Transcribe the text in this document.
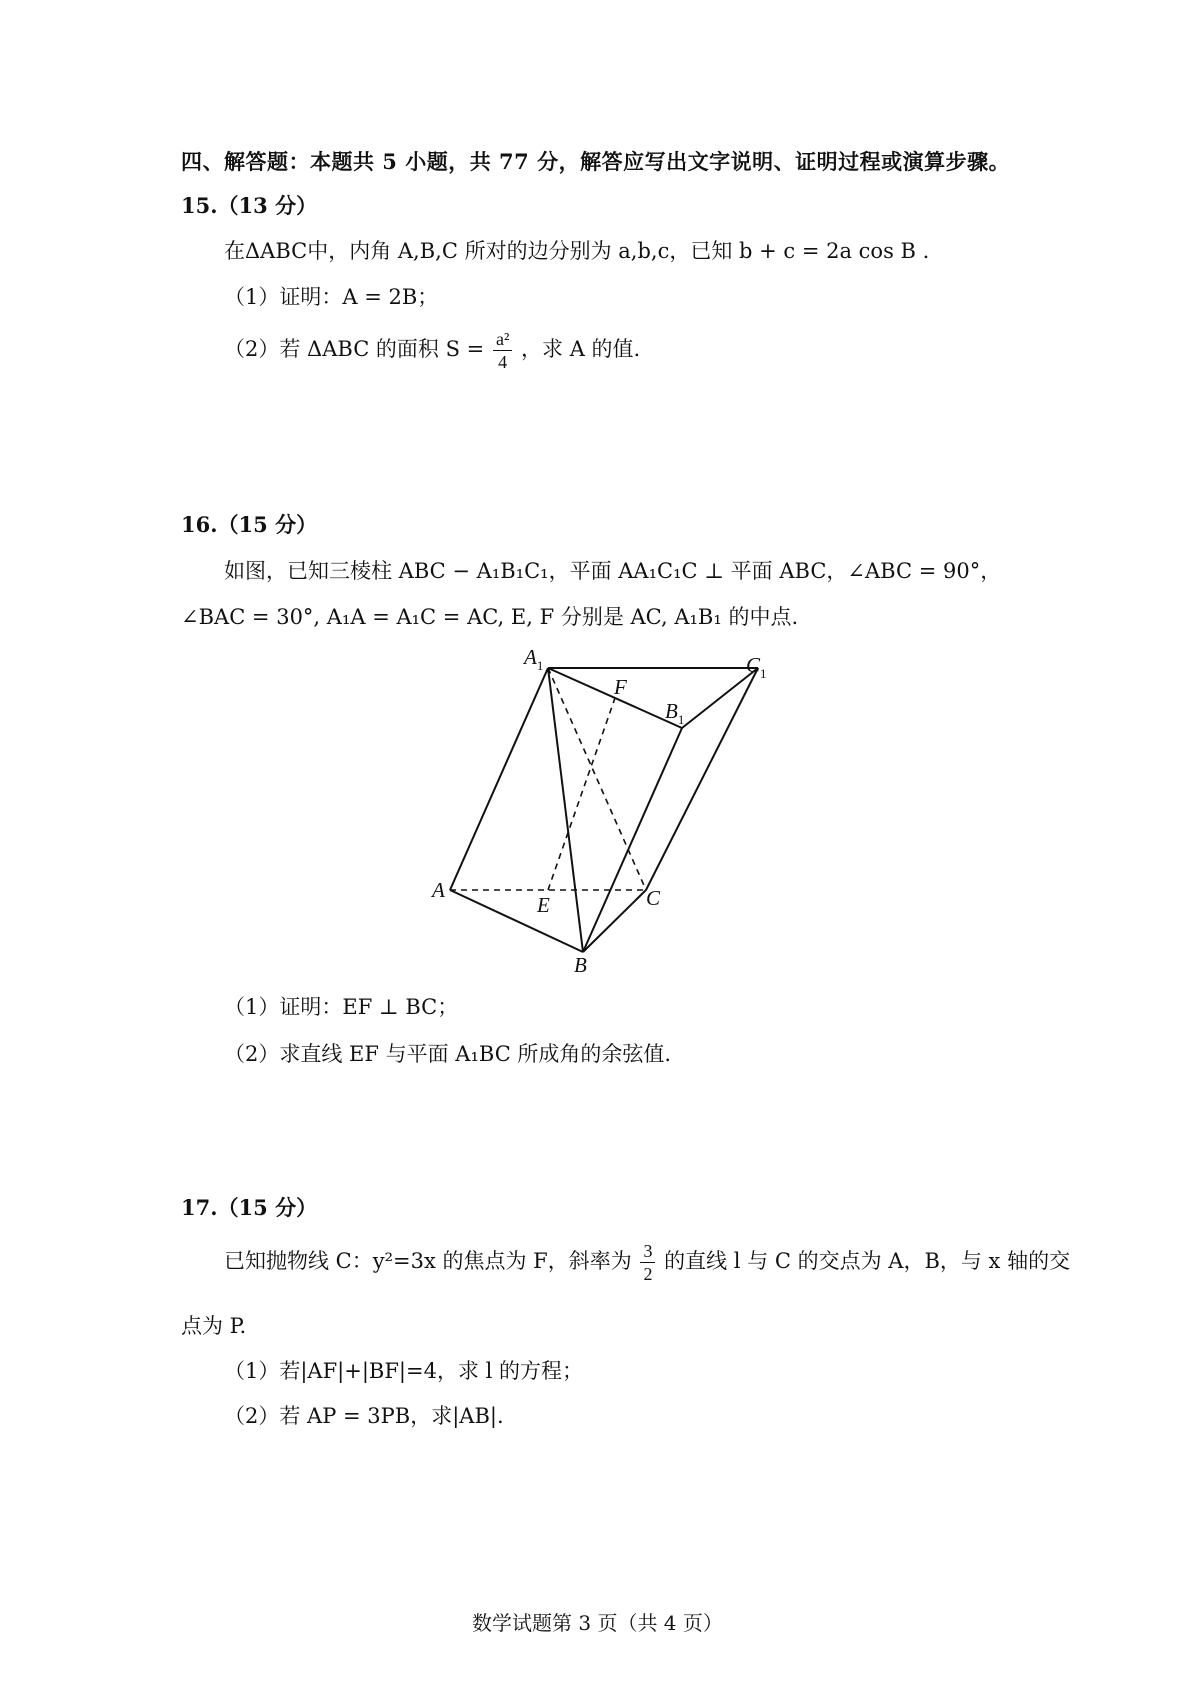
四、解答题：本题共 5 小题，共 77 分，解答应写出文字说明、证明过程或演算步骤。
15.（13 分）
在ΔABC中，内角 A,B,C 所对的边分别为 a,b,c，已知 b + c = 2a cos B .
（1）证明：A = 2B；
（2）若 ΔABC 的面积 $S = \frac{\text{a²}}{4}$ ，求 A 的值.
16.（15 分）
如图，已知三棱柱 ABC − A₁B₁C₁，平面 AA₁C₁C ⊥ 平面 ABC，∠ABC = 90°，
∠BAC = 30°, A₁A = A₁C = AC, E, F 分别是 AC, A₁B₁ 的中点.
$A_1$	$C_1$
F
$B_1$
A
E	C
B
（1）证明：EF ⊥ BC；
（2）求直线 EF 与平面 A₁BC 所成角的余弦值.
17.（15 分）
已知抛物线 C：y²=3x 的焦点为 F，斜率为 $\frac{3}{2}$ 的直线 l 与 C 的交点为 A，B，与 x 轴的交
点为 P.
（1）若|AF|+|BF|=4，求 l 的方程；
（2）若 AP = 3PB，求|AB|.
数学试题第 3 页（共 4 页）
